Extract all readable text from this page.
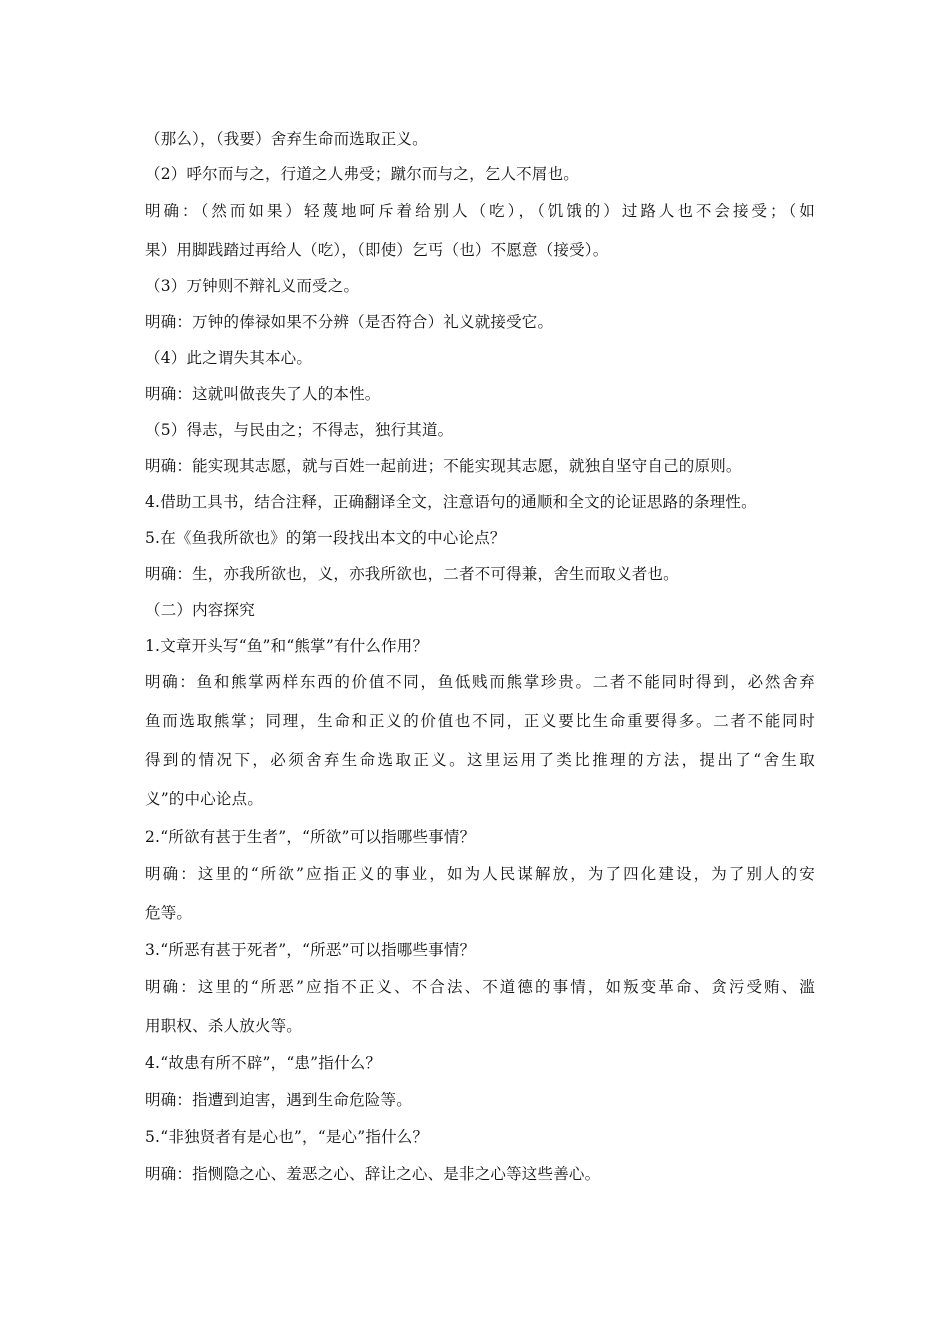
（那么），（我要）舍弃生命而选取正义。
（2）呼尔而与之，行道之人弗受；蹴尔而与之，乞人不屑也。
明确：（然而如果）轻蔑地呵斥着给别人（吃），（饥饿的）过路人也不会接受；（如
果）用脚践踏过再给人（吃），（即使）乞丐（也）不愿意（接受）。
（3）万钟则不辩礼义而受之。
明确：万钟的俸禄如果不分辨（是否符合）礼义就接受它。
（4）此之谓失其本心。
明确：这就叫做丧失了人的本性。
（5）得志，与民由之；不得志，独行其道。
明确：能实现其志愿，就与百姓一起前进；不能实现其志愿，就独自坚守自己的原则。
4.借助工具书，结合注释，正确翻译全文，注意语句的通顺和全文的论证思路的条理性。
5.在《鱼我所欲也》的第一段找出本文的中心论点？
明确：生，亦我所欲也，义，亦我所欲也，二者不可得兼，舍生而取义者也。
（二）内容探究
1.文章开头写“鱼”和“熊掌”有什么作用？
明确：鱼和熊掌两样东西的价值不同，鱼低贱而熊掌珍贵。二者不能同时得到，必然舍弃
鱼而选取熊掌；同理，生命和正义的价值也不同，正义要比生命重要得多。二者不能同时
得到的情况下，必须舍弃生命选取正义。这里运用了类比推理的方法，提出了“舍生取
义”的中心论点。
2.“所欲有甚于生者”，“所欲”可以指哪些事情？
明确：这里的“所欲”应指正义的事业，如为人民谋解放，为了四化建设，为了别人的安
危等。
3.“所恶有甚于死者”，“所恶”可以指哪些事情？
明确：这里的“所恶”应指不正义、不合法、不道德的事情，如叛变革命、贪污受贿、滥
用职权、杀人放火等。
4.“故患有所不辟”，“患”指什么？
明确：指遭到迫害，遇到生命危险等。
5.“非独贤者有是心也”，“是心”指什么？
明确：指恻隐之心、羞恶之心、辞让之心、是非之心等这些善心。
